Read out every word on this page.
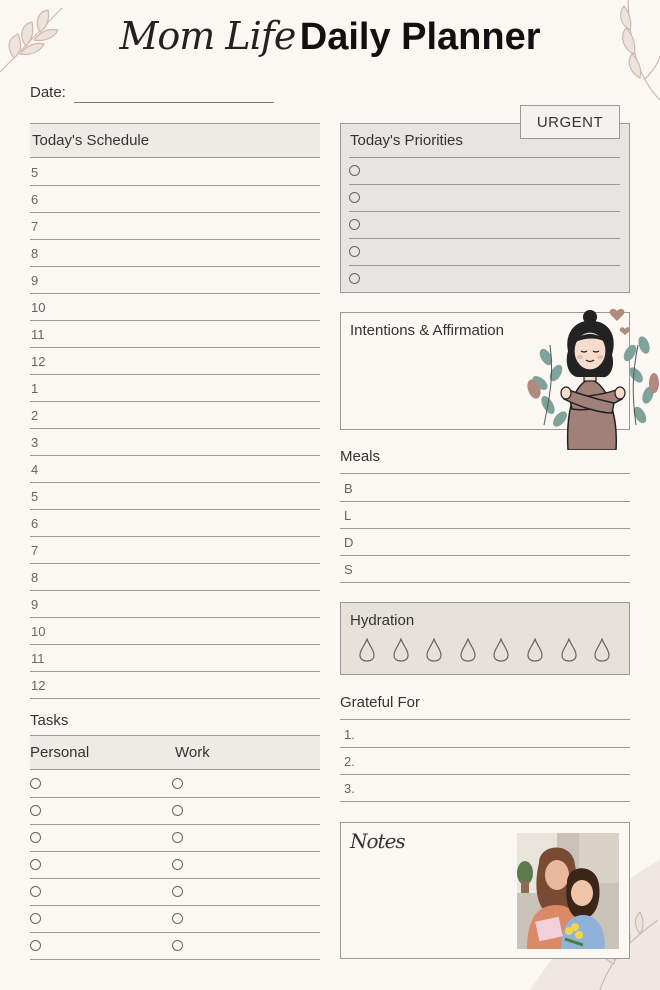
Mom Life Daily Planner
Date:
Today's Schedule
5
6
7
8
9
10
11
12
1
2
3
4
5
6
7
8
9
10
11
12
Tasks
Personal	Work
Today's Priorities
URGENT
Intentions & Affirmation
Meals
B
L
D
S
Hydration
Grateful For
1.
2.
3.
Notes
